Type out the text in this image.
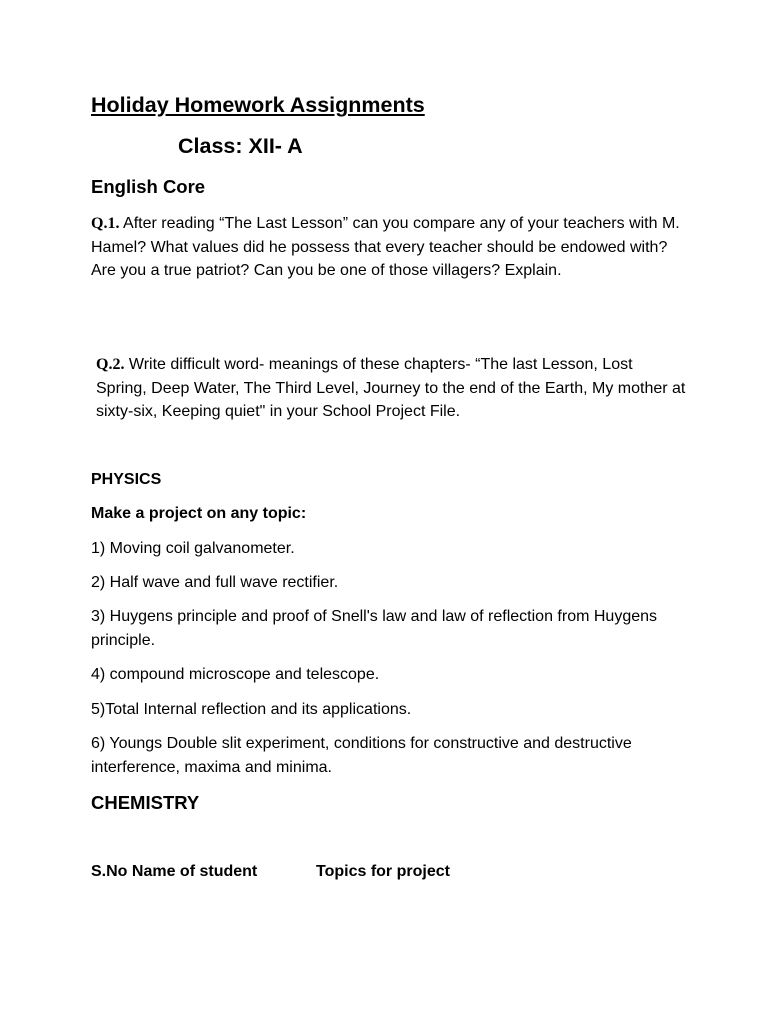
Holiday Homework Assignments
Class: XII- A
English Core
Q.1. After reading “The Last Lesson” can you compare any of your teachers with M. Hamel? What values did he possess that every teacher should be endowed with? Are you a true patriot? Can you be one of those villagers? Explain.
Q.2. Write difficult word- meanings of these chapters- “The last Lesson, Lost Spring, Deep Water, The Third Level, Journey to the end of the Earth, My mother at sixty-six, Keeping quiet" in your School Project File.
PHYSICS
Make a project on any topic:
1) Moving coil galvanometer.
2) Half wave and full wave rectifier.
3) Huygens principle and proof of Snell's law and law of reflection from Huygens principle.
4) compound microscope and telescope.
5)Total Internal reflection and its applications.
6) Youngs Double slit experiment, conditions for constructive and destructive interference, maxima and minima.
CHEMISTRY
S.No Name of student	Topics for project
